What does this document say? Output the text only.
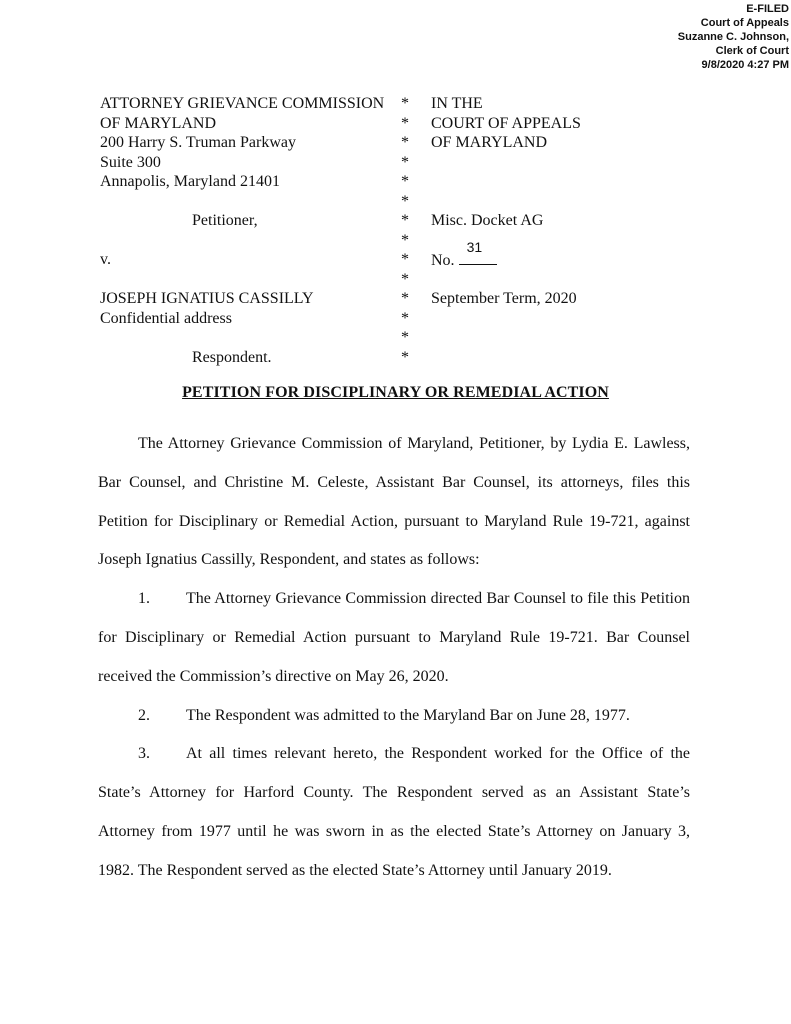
E-FILED
Court of Appeals
Suzanne C. Johnson,
Clerk of Court
9/8/2020 4:27 PM
ATTORNEY GRIEVANCE COMMISSION
OF MARYLAND
200 Harry S. Truman Parkway
Suite 300
Annapolis, Maryland 21401
Petitioner,
v.
JOSEPH IGNATIUS CASSILLY
Confidential address
Respondent.
*
*
*
*
*
*
*
*
*
*
*
*
*
*
IN THE
COURT OF APPEALS
OF MARYLAND
Misc. Docket AG
No.
31
September Term, 2020
PETITION FOR DISCIPLINARY OR REMEDIAL ACTION

The Attorney Grievance Commission of Maryland, Petitioner, by Lydia E. Lawless, Bar Counsel, and Christine M. Celeste, Assistant Bar Counsel, its attorneys, files this Petition for Disciplinary or Remedial Action, pursuant to Maryland Rule 19-721, against Joseph Ignatius Cassilly, Respondent, and states as follows:

1. The Attorney Grievance Commission directed Bar Counsel to file this Petition for Disciplinary or Remedial Action pursuant to Maryland Rule 19-721. Bar Counsel received the Commission’s directive on May 26, 2020.

2. The Respondent was admitted to the Maryland Bar on June 28, 1977.

3. At all times relevant hereto, the Respondent worked for the Office of the State’s Attorney for Harford County. The Respondent served as an Assistant State’s Attorney from 1977 until he was sworn in as the elected State’s Attorney on January 3, 1982. The Respondent served as the elected State’s Attorney until January 2019.
